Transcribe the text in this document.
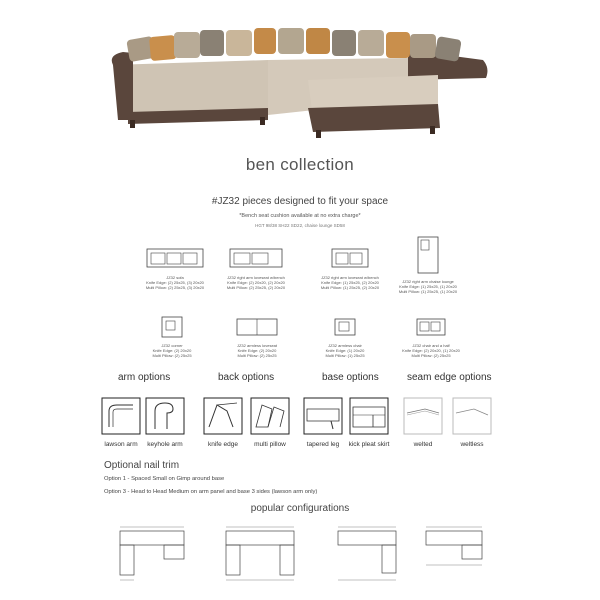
ben collection
#JZ32 pieces designed to fit your space
*Bench seat cushion available at no extra charge*
HGT 98/38 SH22 SD22, chaise lounge SD58
JZ32 sofa
Knife Edge: (2) 25x25, (3) 20x20
Multi Pillow: (2) 25x25, (3) 20x20
JZ32 right arm loveseat w/bench
Knife Edge: (2) 20x20, (2) 20x20
Multi Pillow: (2) 25x25, (2) 20x20
JZ32 right arm loveseat w/bench
Knife Edge: (1) 25x25, (2) 20x20
Multi Pillow: (1) 25x25, (2) 20x20
JZ32 right arm chaise lounge
Knife Edge: (1) 25x25, (1) 20x20
Multi Pillow: (1) 25x25, (1) 20x20
JZ32 corner
Knife Edge: (2) 20x20
Multi Pillow: (2) 25x25
JZ32 armless loveseat
Knife Edge: (2) 20x20
Multi Pillow: (2) 25x25
JZ32 armless chair
Knife Edge: (1) 20x20
Multi Pillow: (1) 25x25
JZ32 chair and a half
Knife Edge: (2) 20x20, (1) 20x20
Multi Pillow: (2) 25x25
arm options	back options	base options	seam edge options
lawson arm	keyhole arm	knife edge	multi pillow	tapered leg	kick pleat skirt	welted	weltless
Optional nail trim
Option 1 - Spaced Small on Gimp around base
Option 3 - Head to Head Medium on arm panel and base 3 sides (lawson arm only)
popular configurations
